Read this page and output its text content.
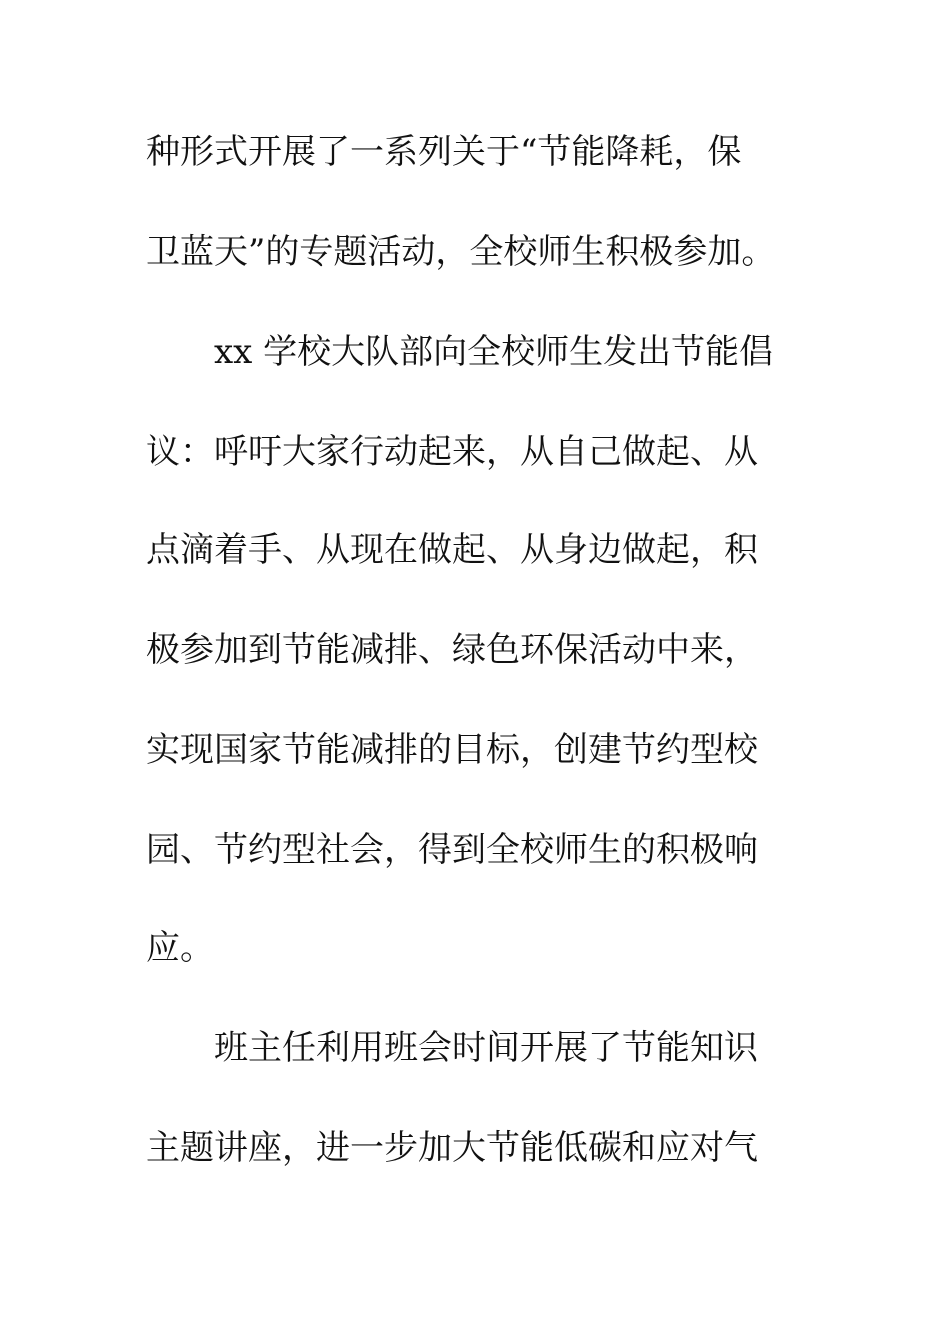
种形式开展了一系列关于“节能降耗，保
卫蓝天”的专题活动，全校师生积极参加。
xx 学校大队部向全校师生发出节能倡
议：呼吁大家行动起来，从自己做起、从
点滴着手、从现在做起、从身边做起，积
极参加到节能减排、绿色环保活动中来，
实现国家节能减排的目标，创建节约型校
园、节约型社会，得到全校师生的积极响
应。
班主任利用班会时间开展了节能知识
主题讲座，进一步加大节能低碳和应对气
